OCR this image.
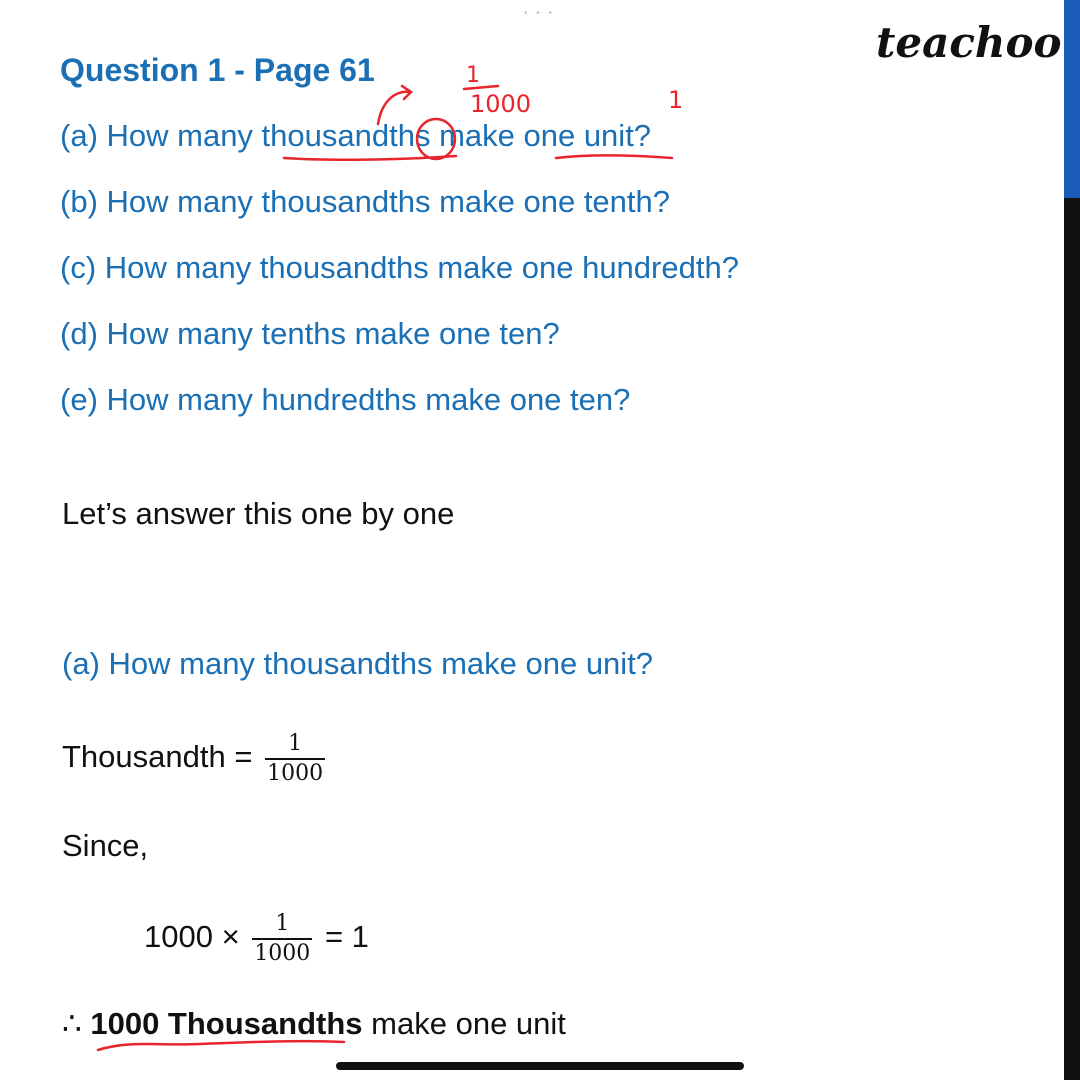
• • •
teachoo
Question 1 - Page 61
(a) How many thousandths make one unit?
(b) How many thousandths make one tenth?
(c) How many thousandths make one hundredth?
(d) How many tenths make one ten?
(e) How many hundredths make one ten?
Let’s answer this one by one
(a) How many thousandths make one unit?
Thousandth = $\frac{1}{1000}$
Since,
$1000 \times \frac{1}{1000} = 1$
∴ 1000 Thousandths make one unit
1
1000	1
